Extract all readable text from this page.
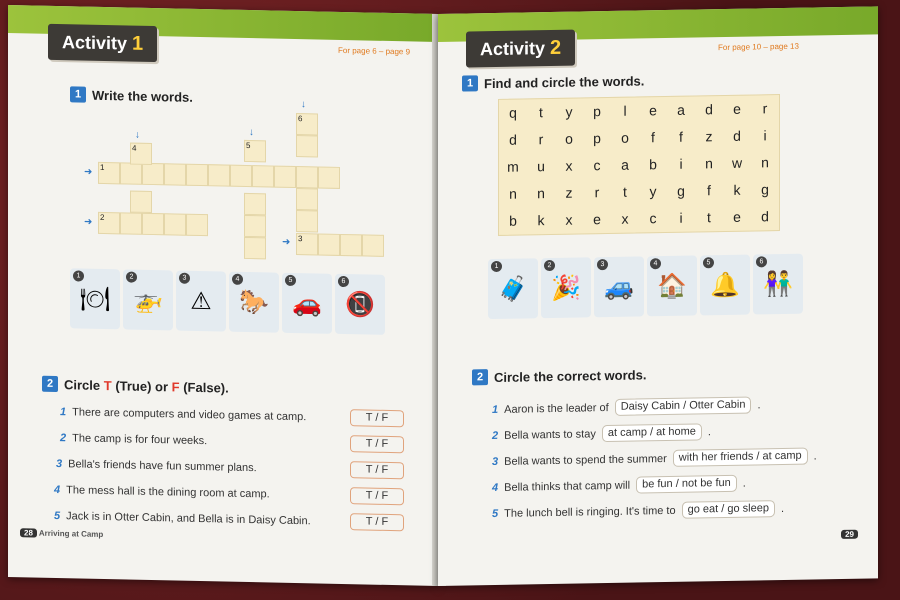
Activity 1	For page 6 – page 9
1 Write the words.
1
2
3
4	5
6
➜
➜
➜
↓	↓
↓
1
🍽
2
🚁
3
⚠
4
🐎
5
🚗
6
📵
2 Circle T (True) or F (False).
1 There are computers and video games at camp.	T / F
2 The camp is for four weeks.	T / F
3 Bella's friends have fun summer plans.	T / F
4 The mess hall is the dining room at camp.	T / F
5 Jack is in Otter Cabin, and Bella is in Daisy Cabin.	T / F
28 Arriving at Camp
Activity 2	For page 10 – page 13
1 Find and circle the words.
q	t	y	p	l	e	a	d	e	r
d	r	o	p	o	f	f	z	d	i
m	u	x	c	a	b	i	n	w	n
n	n	z	r	t	y	g	f	k	g
b	k	x	e	x	c	i	t	e	d
1
🧳
2
🎉
3
🚙
4
🏠
5
🔔
6
👫
2 Circle the correct words.
1 Aaron is the leader of	Daisy Cabin / Otter Cabin	.
2 Bella wants to stay	at camp / at home	.
3 Bella wants to spend the summer	with her friends / at camp	.
4 Bella thinks that camp will	be fun / not be fun	.
5 The lunch bell is ringing. It's time to	go eat / go sleep	.
29
